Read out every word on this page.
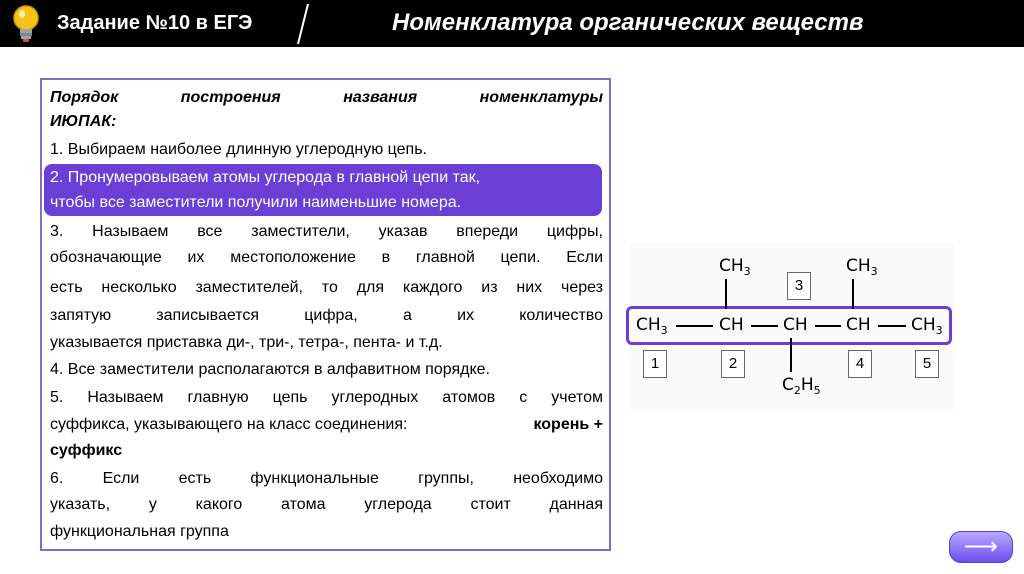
Задание №10 в ЕГЭ	Номенклатура органических веществ
Порядок построения названия номенклатуры
ИЮПАК:
1. Выбираем наиболее длинную углеродную цепь.
2. Пронумеровываем атомы углерода в главной цепи так,
чтобы все заместители получили наименьшие номера.
3. Называем все заместители, указав впереди цифры,
обозначающие их местоположение в главной цепи. Если
есть несколько заместителей, то для каждого из них через
запятую записывается цифра, а их количество
указывается приставка ди-, три-, тетра-, пента- и т.д.
4. Все заместители располагаются в алфавитном порядке.
5. Называем главную цепь углеродных атомов с учетом
суффикса, указывающего на класс соединения:	корень +
суффикс
6. Если есть функциональные группы, необходимо
указать, у какого атома углерода стоит данная
функциональная группа
$CH_3$	$CH_3$
$CH_3$	CH CH CH $CH_3$
$C_2H_5$
1	2
3
4	5
⟶
